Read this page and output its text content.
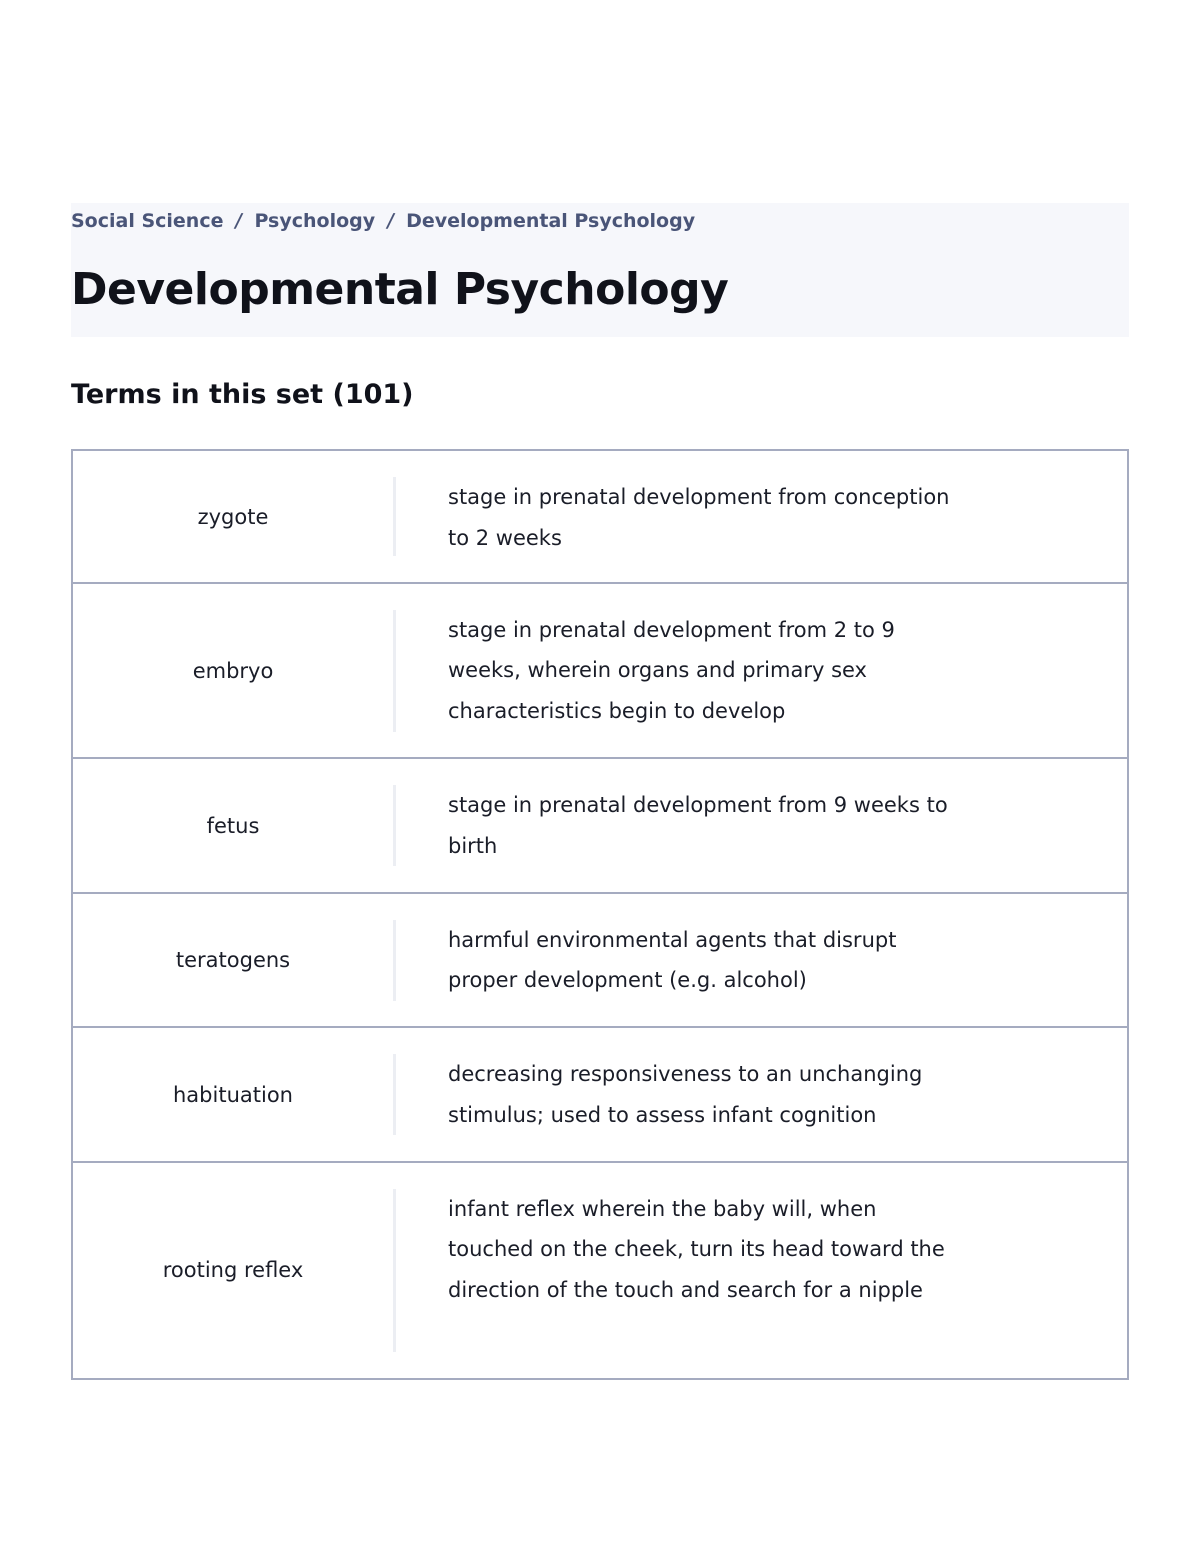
Social Science / Psychology / Developmental Psychology
Developmental Psychology
Terms in this set (101)
zygote
stage in prenatal development from conception to 2 weeks
embryo
stage in prenatal development from 2 to 9 weeks, wherein organs and primary sex characteristics begin to develop
fetus
stage in prenatal development from 9 weeks to birth
teratogens
harmful environmental agents that disrupt proper development (e.g. alcohol)
habituation
decreasing responsiveness to an unchanging stimulus; used to assess infant cognition
rooting reflex
infant reflex wherein the baby will, when touched on the cheek, turn its head toward the direction of the touch and search for a nipple
